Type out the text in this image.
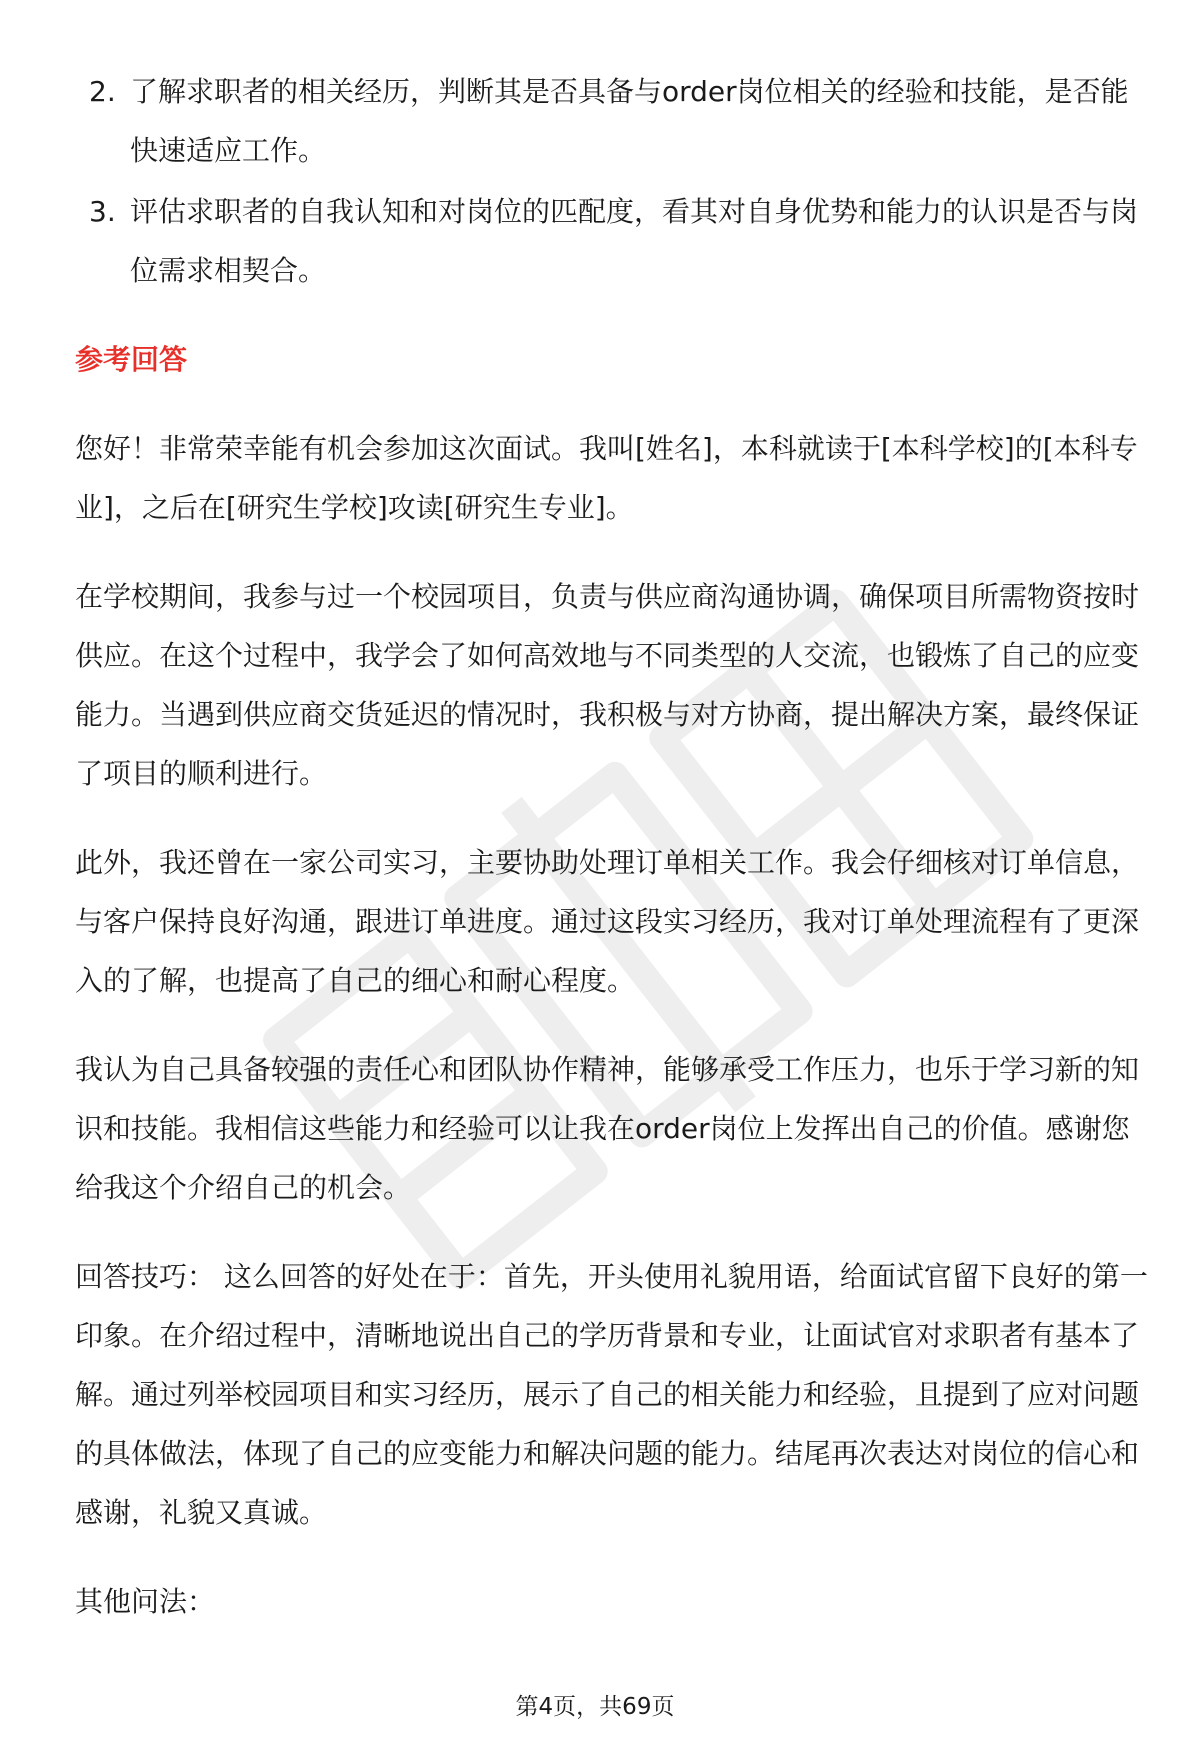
2. 了解求职者的相关经历，判断其是否具备与order岗位相关的经验和技能，是否能快速适应工作。
3. 评估求职者的自我认知和对岗位的匹配度，看其对自身优势和能力的认识是否与岗位需求相契合。
参考回答

您好！非常荣幸能有机会参加这次面试。我叫[姓名]，本科就读于[本科学校]的[本科专业]，之后在[研究生学校]攻读[研究生专业]。

在学校期间，我参与过一个校园项目，负责与供应商沟通协调，确保项目所需物资按时供应。在这个过程中，我学会了如何高效地与不同类型的人交流，也锻炼了自己的应变能力。当遇到供应商交货延迟的情况时，我积极与对方协商，提出解决方案，最终保证了项目的顺利进行。

此外，我还曾在一家公司实习，主要协助处理订单相关工作。我会仔细核对订单信息，与客户保持良好沟通，跟进订单进度。通过这段实习经历，我对订单处理流程有了更深入的了解，也提高了自己的细心和耐心程度。

我认为自己具备较强的责任心和团队协作精神，能够承受工作压力，也乐于学习新的知识和技能。我相信这些能力和经验可以让我在order岗位上发挥出自己的价值。感谢您给我这个介绍自己的机会。

回答技巧： 这么回答的好处在于：首先，开头使用礼貌用语，给面试官留下良好的第一印象。在介绍过程中，清晰地说出自己的学历背景和专业，让面试官对求职者有基本了解。通过列举校园项目和实习经历，展示了自己的相关能力和经验，且提到了应对问题的具体做法，体现了自己的应变能力和解决问题的能力。结尾再次表达对岗位的信心和感谢，礼貌又真诚。

其他问法：

第4页，共69页
